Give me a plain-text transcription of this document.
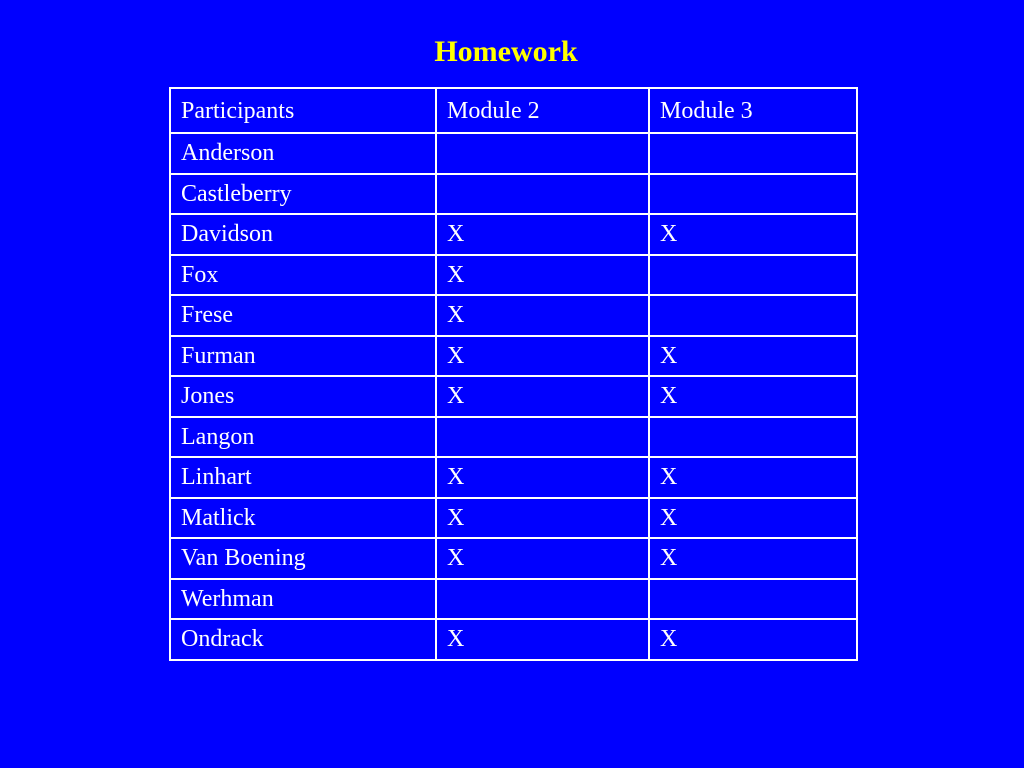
Homework
Participants	Module 2	Module 3
Anderson		
Castleberry		
Davidson	X	X
Fox	X	
Frese	X	
Furman	X	X
Jones	X	X
Langon		
Linhart	X	X
Matlick	X	X
Van Boening	X	X
Werhman		
Ondrack	X	X
